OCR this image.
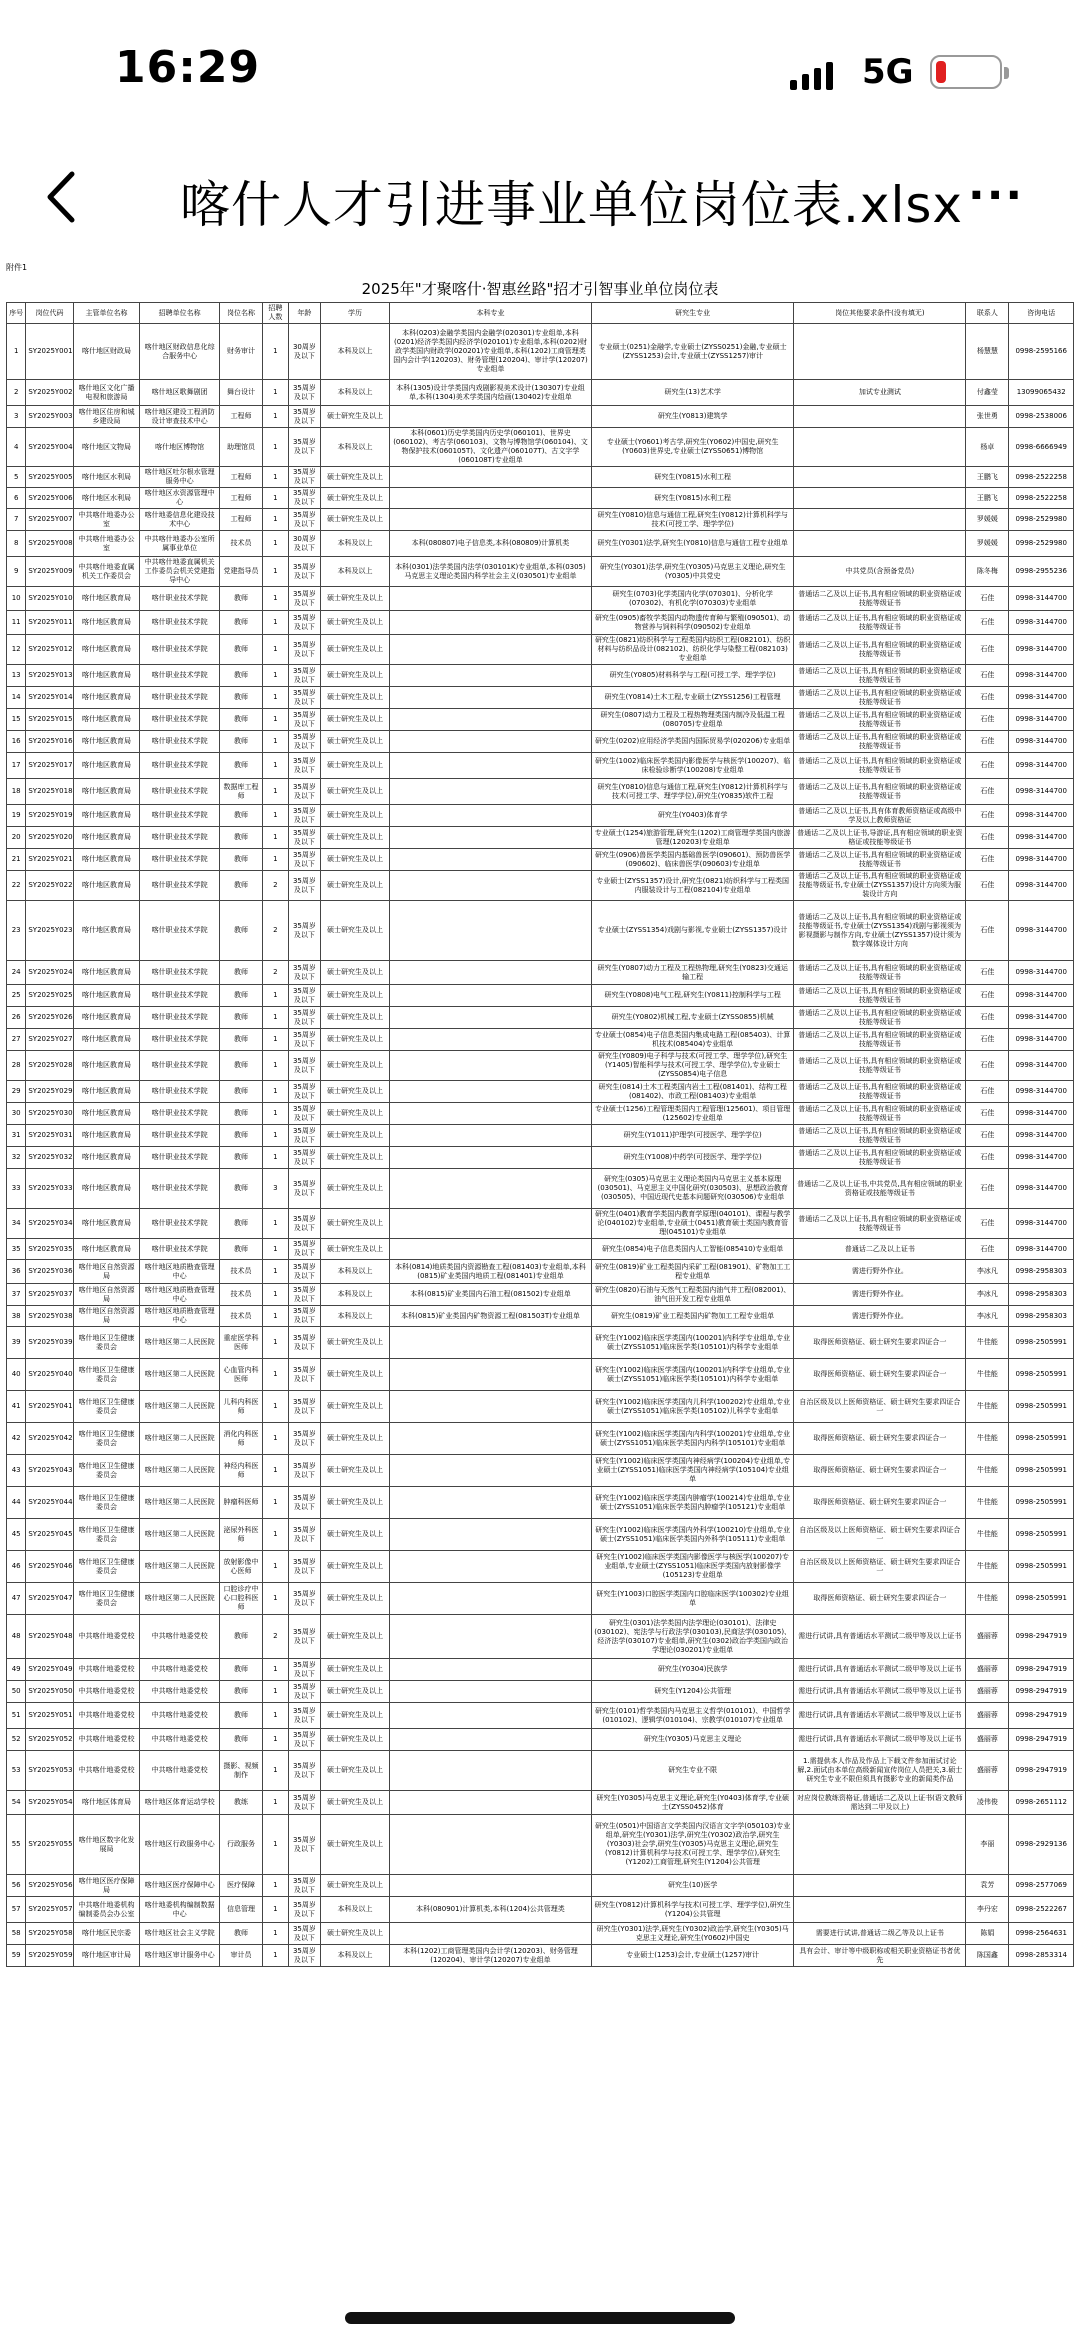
16:29	5G
喀什人才引进事业单位岗位表.xlsx ···
附件1
2025年"才聚喀什·智惠丝路"招才引智事业单位岗位表
序号	岗位代码	主管单位名称	招聘单位名称	岗位名称	招聘人数	年龄	学历	本科专业	研究生专业	岗位其他要求条件(没有填无)	联系人	咨询电话
1	SY2025Y001	喀什地区财政局	喀什地区财政信息化综合服务中心	财务审计	1	30周岁及以下	本科及以上	本科(0203)金融学类国内金融学(020301)专业组单,本科(0201)经济学类国内经济学(020101)专业组单,本科(0202)财政学类国内财政学(020201)专业组单,本科(1202)工商管理类国内会计学(120203)、财务管理(120204)、审计学(120207)专业组单	专业硕士(0251)金融学,专业硕士(ZYSS0251)金融,专业硕士(ZYSS1253)会计,专业硕士(ZYSS1257)审计		杨慧慧	0998-2595166
2	SY2025Y002	喀什地区文化广播电视和旅游局	喀什地区歌舞剧团	舞台设计	1	35周岁及以下	本科及以上	本科(1305)设计学类国内戏剧影视美术设计(130307)专业组单,本科(1304)美术学类国内绘画(130402)专业组单	研究生(13)艺术学	加试专业测试	付鑫莹	13099065432
3	SY2025Y003	喀什地区住房和城乡建设局	喀什地区建设工程消防设计审查技术中心	工程师	1	35周岁及以下	硕士研究生及以上		研究生(Y0813)建筑学		张世勇	0998-2538006
4	SY2025Y004	喀什地区文物局	喀什地区博物馆	助理馆员	1	35周岁及以下	本科及以上	本科(0601)历史学类国内历史学(060101)、世界史(060102)、考古学(060103)、文物与博物馆学(060104)、文物保护技术(060105T)、文化遗产(060107T)、古文字学(060108T)专业组单	专业硕士(Y0601)考古学,研究生(Y0602)中国史,研究生(Y0603)世界史,专业硕士(ZYSS0651)博物馆		杨卓	0998-6666949
5	SY2025Y005	喀什地区水利局	喀什地区吐尔根水管理服务中心	工程师	1	35周岁及以下	硕士研究生及以上		研究生(Y0815)水利工程		王鹏飞	0998-2522258
6	SY2025Y006	喀什地区水利局	喀什地区水资源管理中心	工程师	1	35周岁及以下	硕士研究生及以上		研究生(Y0815)水利工程		王鹏飞	0998-2522258
7	SY2025Y007	中共喀什地委办公室	喀什地委信息化建设技术中心	工程师	1	35周岁及以下	硕士研究生及以上		研究生(Y0810)信息与通信工程,研究生(Y0812)计算机科学与技术(可授工学、理学学位)		罗媛媛	0998-2529980
8	SY2025Y008	中共喀什地委办公室	中共喀什地委办公室所属事业单位	技术员	1	30周岁及以下	本科及以上	本科(080807)电子信息类,本科(080809)计算机类	研究生(Y0301)法学,研究生(Y0810)信息与通信工程专业组单		罗媛媛	0998-2529980
9	SY2025Y009	中共喀什地委直属机关工作委员会	中共喀什地委直属机关工作委员会机关党建指导中心	党建指导员	1	35周岁及以下	本科及以上	本科(0301)法学类国内法学(030101K)专业组单,本科(0305)马克思主义理论类国内科学社会主义(030501)专业组单	研究生(Y0301)法学,研究生(Y0305)马克思主义理论,研究生(Y0305)中共党史	中共党员(含预备党员)	陈冬梅	0998-2955236
10	SY2025Y010	喀什地区教育局	喀什职业技术学院	教师	1	35周岁及以下	硕士研究生及以上		研究生(0703)化学类国内化学(070301)、分析化学(070302)、有机化学(070303)专业组单	普通话二乙及以上证书,具有相应领域的职业资格证或技能等级证书	石佳	0998-3144700
11	SY2025Y011	喀什地区教育局	喀什职业技术学院	教师	1	35周岁及以下	硕士研究生及以上		研究生(0905)畜牧学类国内动物遗传育种与繁殖(090501)、动物营养与饲料科学(090502)专业组单	普通话二乙及以上证书,具有相应领域的职业资格证或技能等级证书	石佳	0998-3144700
12	SY2025Y012	喀什地区教育局	喀什职业技术学院	教师	1	35周岁及以下	硕士研究生及以上		研究生(0821)纺织科学与工程类国内纺织工程(082101)、纺织材料与纺织品设计(082102)、纺织化学与染整工程(082103)专业组单	普通话二乙及以上证书,具有相应领域的职业资格证或技能等级证书	石佳	0998-3144700
13	SY2025Y013	喀什地区教育局	喀什职业技术学院	教师	1	35周岁及以下	硕士研究生及以上		研究生(Y0805)材料科学与工程(可授工学、理学学位)	普通话二乙及以上证书,具有相应领域的职业资格证或技能等级证书	石佳	0998-3144700
14	SY2025Y014	喀什地区教育局	喀什职业技术学院	教师	1	35周岁及以下	硕士研究生及以上		研究生(Y0814)土木工程,专业硕士(ZYSS1256)工程管理	普通话二乙及以上证书,具有相应领域的职业资格证或技能等级证书	石佳	0998-3144700
15	SY2025Y015	喀什地区教育局	喀什职业技术学院	教师	1	35周岁及以下	硕士研究生及以上		研究生(0807)动力工程及工程热物理类国内制冷及低温工程(080705)专业组单	普通话二乙及以上证书,具有相应领域的职业资格证或技能等级证书	石佳	0998-3144700
16	SY2025Y016	喀什地区教育局	喀什职业技术学院	教师	1	35周岁及以下	硕士研究生及以上		研究生(0202)应用经济学类国内国际贸易学(020206)专业组单	普通话二乙及以上证书,具有相应领域的职业资格证或技能等级证书	石佳	0998-3144700
17	SY2025Y017	喀什地区教育局	喀什职业技术学院	教师	1	35周岁及以下	硕士研究生及以上		研究生(1002)临床医学类国内影像医学与核医学(100207)、临床检验诊断学(100208)专业组单	普通话二乙及以上证书,具有相应领域的职业资格证或技能等级证书	石佳	0998-3144700
18	SY2025Y018	喀什地区教育局	喀什职业技术学院	数据库工程师	1	35周岁及以下	硕士研究生及以上		研究生(Y0810)信息与通信工程,研究生(Y0812)计算机科学与技术(可授工学、理学学位),研究生(Y0835)软件工程	普通话二乙及以上证书,具有相应领域的职业资格证或技能等级证书	石佳	0998-3144700
19	SY2025Y019	喀什地区教育局	喀什职业技术学院	教师	1	35周岁及以下	硕士研究生及以上		研究生(Y0403)体育学	普通话二乙及以上证书,具有体育教师资格证或高级中学及以上教师资格证	石佳	0998-3144700
20	SY2025Y020	喀什地区教育局	喀什职业技术学院	教师	1	35周岁及以下	硕士研究生及以上		专业硕士(1254)旅游管理,研究生(1202)工商管理学类国内旅游管理(120203)专业组单	普通话二乙及以上证书,导游证,具有相应领域的职业资格证或技能等级证书	石佳	0998-3144700
21	SY2025Y021	喀什地区教育局	喀什职业技术学院	教师	1	35周岁及以下	硕士研究生及以上		研究生(0906)兽医学类国内基础兽医学(090601)、预防兽医学(090602)、临床兽医学(090603)专业组单	普通话二乙及以上证书,具有相应领域的职业资格证或技能等级证书	石佳	0998-3144700
22	SY2025Y022	喀什地区教育局	喀什职业技术学院	教师	2	35周岁及以下	硕士研究生及以上		专业硕士(ZYSS1357)设计,研究生(0821)纺织科学与工程类国内服装设计与工程(082104)专业组单	普通话二乙及以上证书,具有相应领域的职业资格证或技能等级证书,专业硕士(ZYSS1357)设计方向须为服装设计方向	石佳	0998-3144700
23	SY2025Y023	喀什地区教育局	喀什职业技术学院	教师	2	35周岁及以下	硕士研究生及以上		专业硕士(ZYSS1354)戏剧与影视,专业硕士(ZYSS1357)设计	普通话二乙及以上证书,具有相应领域的职业资格证或技能等级证书,专业硕士(ZYSS1354)戏剧与影视须为影视摄影与制作方向,专业硕士(ZYSS1357)设计须为数字媒体设计方向	石佳	0998-3144700
24	SY2025Y024	喀什地区教育局	喀什职业技术学院	教师	2	35周岁及以下	硕士研究生及以上		研究生(Y0807)动力工程及工程热物理,研究生(Y0823)交通运输工程	普通话二乙及以上证书,具有相应领域的职业资格证或技能等级证书	石佳	0998-3144700
25	SY2025Y025	喀什地区教育局	喀什职业技术学院	教师	1	35周岁及以下	硕士研究生及以上		研究生(Y0808)电气工程,研究生(Y0811)控制科学与工程	普通话二乙及以上证书,具有相应领域的职业资格证或技能等级证书	石佳	0998-3144700
26	SY2025Y026	喀什地区教育局	喀什职业技术学院	教师	1	35周岁及以下	硕士研究生及以上		研究生(Y0802)机械工程,专业硕士(ZYSS0855)机械	普通话二乙及以上证书,具有相应领域的职业资格证或技能等级证书	石佳	0998-3144700
27	SY2025Y027	喀什地区教育局	喀什职业技术学院	教师	1	35周岁及以下	硕士研究生及以上		专业硕士(0854)电子信息类国内集成电路工程(085403)、计算机技术(085404)专业组单	普通话二乙及以上证书,具有相应领域的职业资格证或技能等级证书	石佳	0998-3144700
28	SY2025Y028	喀什地区教育局	喀什职业技术学院	教师	1	35周岁及以下	硕士研究生及以上		研究生(Y0809)电子科学与技术(可授工学、理学学位),研究生(Y1405)智能科学与技术(可授工学、理学学位),专业硕士(ZYSS0854)电子信息	普通话二乙及以上证书,具有相应领域的职业资格证或技能等级证书	石佳	0998-3144700
29	SY2025Y029	喀什地区教育局	喀什职业技术学院	教师	1	35周岁及以下	硕士研究生及以上		研究生(0814)土木工程类国内岩土工程(081401)、结构工程(081402)、市政工程(081403)专业组单	普通话二乙及以上证书,具有相应领域的职业资格证或技能等级证书	石佳	0998-3144700
30	SY2025Y030	喀什地区教育局	喀什职业技术学院	教师	1	35周岁及以下	硕士研究生及以上		专业硕士(1256)工程管理类国内工程管理(125601)、项目管理(125602)专业组单	普通话二乙及以上证书,具有相应领域的职业资格证或技能等级证书	石佳	0998-3144700
31	SY2025Y031	喀什地区教育局	喀什职业技术学院	教师	1	35周岁及以下	硕士研究生及以上		研究生(Y1011)护理学(可授医学、理学学位)	普通话二乙及以上证书,具有相应领域的职业资格证或技能等级证书	石佳	0998-3144700
32	SY2025Y032	喀什地区教育局	喀什职业技术学院	教师	1	35周岁及以下	硕士研究生及以上		研究生(Y1008)中药学(可授医学、理学学位)	普通话二乙及以上证书,具有相应领域的职业资格证或技能等级证书	石佳	0998-3144700
33	SY2025Y033	喀什地区教育局	喀什职业技术学院	教师	3	35周岁及以下	硕士研究生及以上		研究生(0305)马克思主义理论类国内马克思主义基本原理(030501)、马克思主义中国化研究(030503)、思想政治教育(030505)、中国近现代史基本问题研究(030506)专业组单	普通话二乙及以上证书,中共党员,具有相应领域的职业资格证或技能等级证书	石佳	0998-3144700
34	SY2025Y034	喀什地区教育局	喀什职业技术学院	教师	1	35周岁及以下	硕士研究生及以上		研究生(0401)教育学类国内教育学原理(040101)、课程与教学论(040102)专业组单,专业硕士(0451)教育硕士类国内教育管理(045101)专业组单	普通话二乙及以上证书,具有相应领域的职业资格证或技能等级证书	石佳	0998-3144700
35	SY2025Y035	喀什地区教育局	喀什职业技术学院	教师	1	35周岁及以下	硕士研究生及以上		研究生(0854)电子信息类国内人工智能(085410)专业组单	普通话二乙及以上证书	石佳	0998-3144700
36	SY2025Y036	喀什地区自然资源局	喀什地区地质勘查管理中心	技术员	1	35周岁及以下	本科及以上	本科(0814)地质类国内资源勘查工程(081403)专业组单,本科(0815)矿业类国内地质工程(081401)专业组单	研究生(0819)矿业工程类国内采矿工程(081901)、矿物加工工程专业组单	需进行野外作业。	李冰凡	0998-2958303
37	SY2025Y037	喀什地区自然资源局	喀什地区地质勘查管理中心	技术员	1	35周岁及以下	本科及以上	本科(0815)矿业类国内石油工程(081502)专业组单	研究生(0820)石油与天然气工程类国内油气井工程(082001)、油气田开发工程专业组单	需进行野外作业。	李冰凡	0998-2958303
38	SY2025Y038	喀什地区自然资源局	喀什地区地质勘查管理中心	技术员	1	35周岁及以下	本科及以上	本科(0815)矿业类国内矿物资源工程(081503T)专业组单	研究生(0819)矿业工程类国内矿物加工工程专业组单	需进行野外作业。	李冰凡	0998-2958303
39	SY2025Y039	喀什地区卫生健康委员会	喀什地区第二人民医院	重症医学科医师	1	35周岁及以下	硕士研究生及以上		研究生(Y1002)临床医学类国内(100201)内科学专业组单,专业硕士(ZYSS1051)临床医学类(105101)内科学专业组单	取得医师资格证、硕士研究生要求四证合一	牛佳能	0998-2505991
40	SY2025Y040	喀什地区卫生健康委员会	喀什地区第二人民医院	心血管内科医师	1	35周岁及以下	硕士研究生及以上		研究生(Y1002)临床医学类国内(100201)内科学专业组单,专业硕士(ZYSS1051)临床医学类(105101)内科学专业组单	取得医师资格证、硕士研究生要求四证合一	牛佳能	0998-2505991
41	SY2025Y041	喀什地区卫生健康委员会	喀什地区第二人民医院	儿科内科医师	1	35周岁及以下	硕士研究生及以上		研究生(Y1002)临床医学类国内儿科学(100202)专业组单,专业硕士(ZYSS1051)临床医学类(105102)儿科学专业组单	自治区级及以上医师资格证、硕士研究生要求四证合一	牛佳能	0998-2505991
42	SY2025Y042	喀什地区卫生健康委员会	喀什地区第二人民医院	消化内科医师	1	35周岁及以下	硕士研究生及以上		研究生(Y1002)临床医学类国内内科学(100201)专业组单,专业硕士(ZYSS1051)临床医学类国内内科学(105101)专业组单	取得医师资格证、硕士研究生要求四证合一	牛佳能	0998-2505991
43	SY2025Y043	喀什地区卫生健康委员会	喀什地区第二人民医院	神经内科医师	1	35周岁及以下	硕士研究生及以上		研究生(Y1002)临床医学类国内神经病学(100204)专业组单,专业硕士(ZYSS1051)临床医学类国内神经病学(105104)专业组单	取得医师资格证、硕士研究生要求四证合一	牛佳能	0998-2505991
44	SY2025Y044	喀什地区卫生健康委员会	喀什地区第二人民医院	肿瘤科医师	1	35周岁及以下	硕士研究生及以上		研究生(Y1002)临床医学类国内肿瘤学(100214)专业组单,专业硕士(ZYSS1051)临床医学类国内肿瘤学(105121)专业组单	取得医师资格证、硕士研究生要求四证合一	牛佳能	0998-2505991
45	SY2025Y045	喀什地区卫生健康委员会	喀什地区第二人民医院	泌尿外科医师	1	35周岁及以下	硕士研究生及以上		研究生(Y1002)临床医学类国内外科学(100210)专业组单,专业硕士(ZYSS1051)临床医学类国内外科学(105111)专业组单	自治区级及以上医师资格证、硕士研究生要求四证合一	牛佳能	0998-2505991
46	SY2025Y046	喀什地区卫生健康委员会	喀什地区第二人民医院	放射影像中心医师	1	35周岁及以下	硕士研究生及以上		研究生(Y1002)临床医学类国内影像医学与核医学(100207)专业组单,专业硕士(ZYSS1051)临床医学类国内放射影像学(105123)专业组单	自治区级及以上医师资格证、硕士研究生要求四证合一	牛佳能	0998-2505991
47	SY2025Y047	喀什地区卫生健康委员会	喀什地区第二人民医院	口腔诊疗中心口腔科医师	1	35周岁及以下	硕士研究生及以上		研究生(Y1003)口腔医学类国内口腔临床医学(100302)专业组单	取得医师资格证、硕士研究生要求四证合一	牛佳能	0998-2505991
48	SY2025Y048	中共喀什地委党校	中共喀什地委党校	教师	2	35周岁及以下	硕士研究生及以上		研究生(0301)法学类国内法学理论(030101)、法律史(030102)、宪法学与行政法学(030103),民商法学(030105)、经济法学(030107)专业组单,研究生(0302)政治学类国内政治学理论(030201)专业组单	需进行试讲,具有普通话水平测试二级甲等及以上证书	盛丽蓉	0998-2947919
49	SY2025Y049	中共喀什地委党校	中共喀什地委党校	教师	1	35周岁及以下	硕士研究生及以上		研究生(Y0304)民族学	需进行试讲,具有普通话水平测试二级甲等及以上证书	盛丽蓉	0998-2947919
50	SY2025Y050	中共喀什地委党校	中共喀什地委党校	教师	1	35周岁及以下	硕士研究生及以上		研究生(Y1204)公共管理	需进行试讲,具有普通话水平测试二级甲等及以上证书	盛丽蓉	0998-2947919
51	SY2025Y051	中共喀什地委党校	中共喀什地委党校	教师	1	35周岁及以下	硕士研究生及以上		研究生(0101)哲学类国内马克思主义哲学(010101)、中国哲学(010102)、逻辑学(010104)、宗教学(010107)专业组单	需进行试讲,具有普通话水平测试二级甲等及以上证书	盛丽蓉	0998-2947919
52	SY2025Y052	中共喀什地委党校	中共喀什地委党校	教师	1	35周岁及以下	硕士研究生及以上		研究生(Y0305)马克思主义理论	需进行试讲,具有普通话水平测试二级甲等及以上证书	盛丽蓉	0998-2947919
53	SY2025Y053	中共喀什地委党校	中共喀什地委党校	摄影、视频制作	1	35周岁及以下	硕士研究生及以上		研究生专业不限	1.需提供本人作品及作品上下载文件参加面试讨论解,2.面试由本单位高级新闻宣传岗位人员把关,3.硕士研究生专业不限但须具有摄影专业的新闻类作品	盛丽蓉	0998-2947919
54	SY2025Y054	喀什地区体育局	喀什地区体育运动学校	教练	1	35周岁及以下	硕士研究生及以上		研究生(Y0305)马克思主义理论,研究生(Y0403)体育学,专业硕士(ZYSS0452)体育	对应岗位教练资格证,普通话二乙及以上证书(语文教师需达到二甲及以上)	凌伟俊	0998-2651112
55	SY2025Y055	喀什地区数字化发展局	喀什地区行政服务中心	行政服务	1	35周岁及以下	硕士研究生及以上		研究生(0501)中国语言文学类国内汉语言文字学(050103)专业组单,研究生(Y0301)法学,研究生(Y0302)政治学,研究生(Y0303)社会学,研究生(Y0305)马克思主义理论,研究生(Y0812)计算机科学与技术(可授工学、理学学位),研究生(Y1202)工商管理,研究生(Y1204)公共管理		李丽	0998-2929136
56	SY2025Y056	喀什地区医疗保障局	喀什地区医疗保障中心	医疗保障	1	35周岁及以下	硕士研究生及以上		研究生(10)医学		袁芳	0998-2577069
57	SY2025Y057	中共喀什地委机构编制委员会办公室	喀什地委机构编制数据中心	信息管理	1	35周岁及以下	本科及以上	本科(080901)计算机类,本科(1204)公共管理类	研究生(Y0812)计算机科学与技术(可授工学、理学学位),研究生(Y1204)公共管理		李丹宏	0998-2522267
58	SY2025Y058	喀什地区民宗委	喀什地区社会主义学院	教师	1	35周岁及以下	硕士研究生及以上		研究生(Y0301)法学,研究生(Y0302)政治学,研究生(Y0305)马克思主义理论,研究生(Y0602)中国史	需要进行试讲,普通话二级乙等及以上证书	陈娟	0998-2564631
59	SY2025Y059	喀什地区审计局	喀什地区审计服务中心	审计员	1	35周岁及以下	本科及以上	本科(1202)工商管理类国内会计学(120203)、财务管理(120204)、审计学(120207)专业组单	专业硕士(1253)会计,专业硕士(1257)审计	具有会计、审计等中级职称或相关职业资格证书者优先	陈国鑫	0998-2853314
